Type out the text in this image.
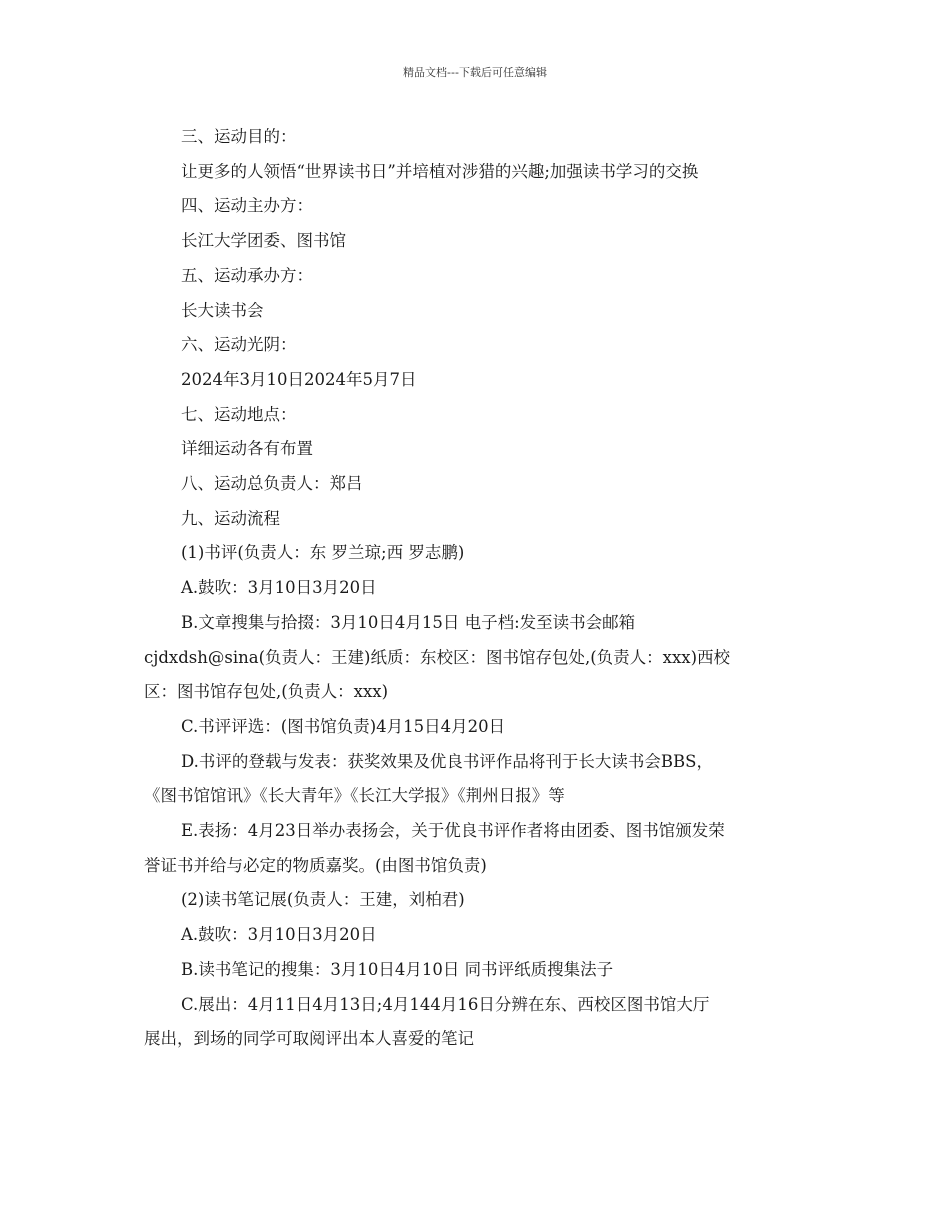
精品文档---下载后可任意编辑
三、运动目的：
让更多的人领悟“世界读书日”并培植对涉猎的兴趣;加强读书学习的交换
四、运动主办方：
长江大学团委、图书馆
五、运动承办方：
长大读书会
六、运动光阴：
2024年3月10日2024年5月7日
七、运动地点：
详细运动各有布置
八、运动总负责人：郑吕
九、运动流程
(1)书评(负责人：东 罗兰琼;西 罗志鹏)
A.鼓吹：3月10日3月20日
B.文章搜集与拾掇：3月10日4月15日 电子档:发至读书会邮箱
cjdxdsh@sina(负责人：王建)纸质：东校区：图书馆存包处,(负责人：xxx)西校
区：图书馆存包处,(负责人：xxx)
C.书评评选：(图书馆负责)4月15日4月20日
D.书评的登载与发表：获奖效果及优良书评作品将刊于长大读书会BBS，
《图书馆馆讯》《长大青年》《长江大学报》《荆州日报》等
E.表扬：4月23日举办表扬会，关于优良书评作者将由团委、图书馆颁发荣
誉证书并给与必定的物质嘉奖。(由图书馆负责)
(2)读书笔记展(负责人：王建，刘柏君)
A.鼓吹：3月10日3月20日
B.读书笔记的搜集：3月10日4月10日 同书评纸质搜集法子
C.展出：4月11日4月13日;4月144月16日分辨在东、西校区图书馆大厅
展出，到场的同学可取阅评出本人喜爱的笔记
